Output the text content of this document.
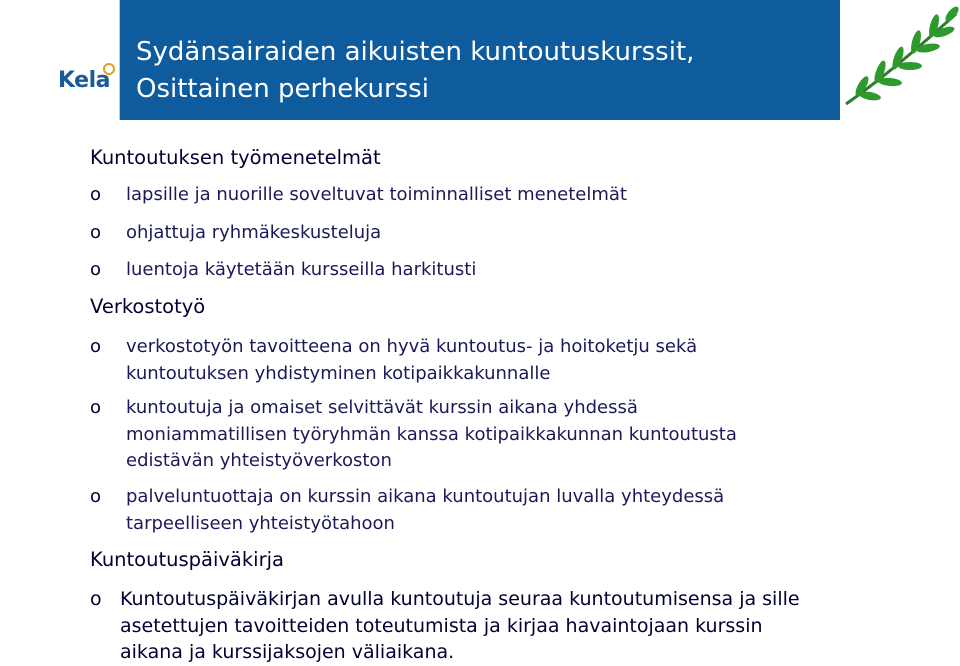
Kela
Sydänsairaiden aikuisten kuntoutuskurssit,
Osittainen perhekurssi
Kuntoutuksen työmenetelmät
o lapsille ja nuorille soveltuvat toiminnalliset menetelmät
o ohjattuja ryhmäkeskusteluja
o luentoja käytetään kursseilla harkitusti
Verkostotyö
o verkostotyön tavoitteena on hyvä kuntoutus- ja hoitoketju sekä
kuntoutuksen yhdistyminen kotipaikkakunnalle
o kuntoutuja ja omaiset selvittävät kurssin aikana yhdessä
moniammatillisen työryhmän kanssa kotipaikkakunnan kuntoutusta
edistävän yhteistyöverkoston
o palveluntuottaja on kurssin aikana kuntoutujan luvalla yhteydessä
tarpeelliseen yhteistyötahoon
Kuntoutuspäiväkirja
o Kuntoutuspäiväkirjan avulla kuntoutuja seuraa kuntoutumisensa ja sille
asetettujen tavoitteiden toteutumista ja kirjaa havaintojaan kurssin
aikana ja kurssijaksojen väliaikana.
